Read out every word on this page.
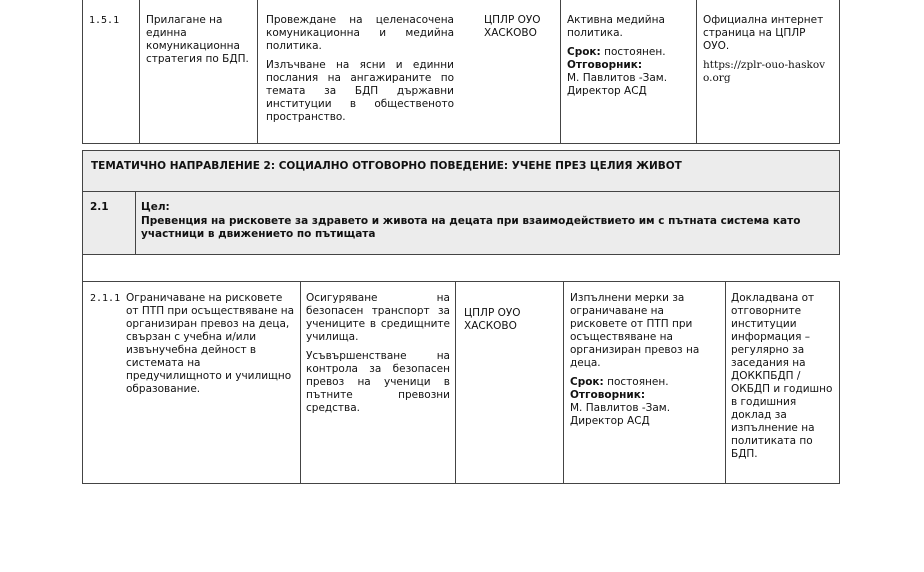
1.5.1	Прилагане на единна комуникационна стратегия по БДП.

Провеждане на целенасочена комуникационна и медийна политика.

Излъчване на ясни и единни послания на ангажираните по темата за БДП държавни институции в общественото пространство.

ЦПЛР ОУО ХАСКОВО

Активна медийна политика.

Срок: постоянен.
Отговорник:
М. Павлитов -Зам. Директор АСД

Официална интернет страница на ЦПЛР ОУО.

https://zplr-ouo-haskovo.org
ТЕМАТИЧНО НАПРАВЛЕНИЕ 2: СОЦИАЛНО ОТГОВОРНО ПОВЕДЕНИЕ: УЧЕНЕ ПРЕЗ ЦЕЛИЯ ЖИВОТ
2.1	Цел:
Превенция на рисковете за здравето и живота на децата при взаимодействието им с пътната система като участници в движението по пътищата
2.1.1 Ограничаване на рисковете от ПТП при осъществяване на организиран превоз на деца, свързан с учебна и/или извънучебна дейност в системата на предучилищното и училищно образование.

Осигуряване на безопасен транспорт за учениците в средищните училища.

Усъвършенстване на контрола за безопасен превоз на ученици в пътните превозни средства.

ЦПЛР ОУО ХАСКОВО

Изпълнени мерки за ограничаване на рисковете от ПТП при осъществяване на организиран превоз на деца.

Срок: постоянен.
Отговорник:
М. Павлитов -Зам. Директор АСД
Докладвана от отговорните институции информация – регулярно за заседания на ДОККПБДП /ОКБДП и годишно в годишния доклад за изпълнение на политиката по БДП.
